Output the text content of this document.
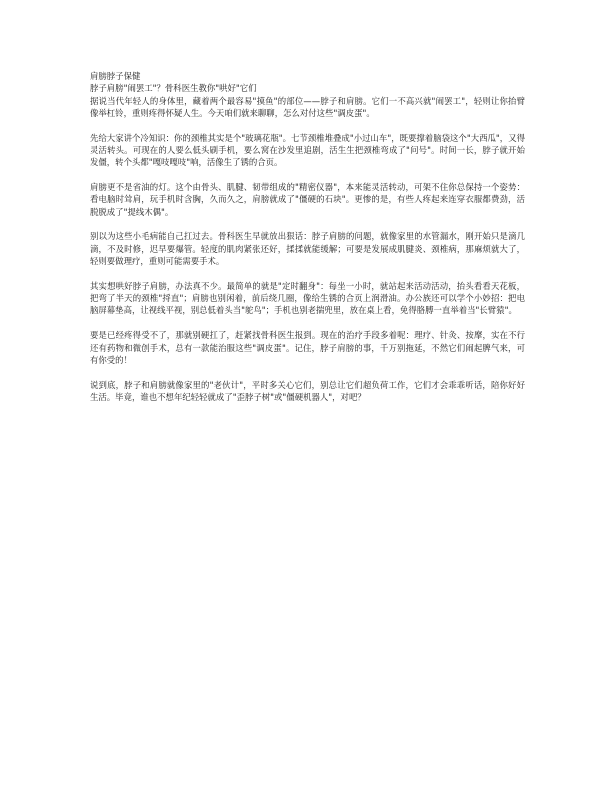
肩膀脖子保健

脖子肩膀"闹罢工"？骨科医生教你"哄好"它们

据说当代年轻人的身体里，藏着两个最容易"摸鱼"的部位——脖子和肩膀。它们一不高兴就"闹罢工"，轻则让你抬臂像举杠铃，重则疼得怀疑人生。今天咱们就来聊聊，怎么对付这些"调皮蛋"。

先给大家讲个冷知识：你的颈椎其实是个"玻璃花瓶"。七节颈椎堆叠成"小过山车"，既要撑着脑袋这个"大西瓜"，又得灵活转头。可现在的人要么低头刷手机，要么窝在沙发里追剧，活生生把颈椎弯成了"问号"。时间一长，脖子就开始发僵，转个头都"嘎吱嘎吱"响，活像生了锈的合页。

肩膀更不是省油的灯。这个由骨头、肌腱、韧带组成的"精密仪器"，本来能灵活转动，可架不住你总保持一个姿势：看电脑时耸肩，玩手机时含胸，久而久之，肩膀就成了"僵硬的石块"。更惨的是，有些人疼起来连穿衣服都费劲，活脱脱成了"提线木偶"。

别以为这些小毛病能自己扛过去。骨科医生早就放出狠话：脖子肩膀的问题，就像家里的水管漏水，刚开始只是滴几滴，不及时修，迟早要爆管。轻度的肌肉紧张还好，揉揉就能缓解；可要是发展成肌腱炎、颈椎病，那麻烦就大了，轻则要做理疗，重则可能需要手术。

其实想哄好脖子肩膀，办法真不少。最简单的就是"定时翻身"：每坐一小时，就站起来活动活动，抬头看看天花板，把弯了半天的颈椎"捋直"；肩膀也别闲着，前后绕几圈，像给生锈的合页上润滑油。办公族还可以学个小妙招：把电脑屏幕垫高，让视线平视，别总低着头当"鸵鸟"；手机也别老揣兜里，放在桌上看，免得胳膊一直举着当"长臂猿"。

要是已经疼得受不了，那就别硬扛了，赶紧找骨科医生报到。现在的治疗手段多着呢：理疗、针灸、按摩，实在不行还有药物和微创手术，总有一款能治服这些"调皮蛋"。记住，脖子肩膀的事，千万别拖延，不然它们闹起脾气来，可有你受的！

说到底，脖子和肩膀就像家里的"老伙计"，平时多关心它们，别总让它们超负荷工作，它们才会乖乖听话，陪你好好生活。毕竟，谁也不想年纪轻轻就成了"歪脖子树"或"僵硬机器人"，对吧？
